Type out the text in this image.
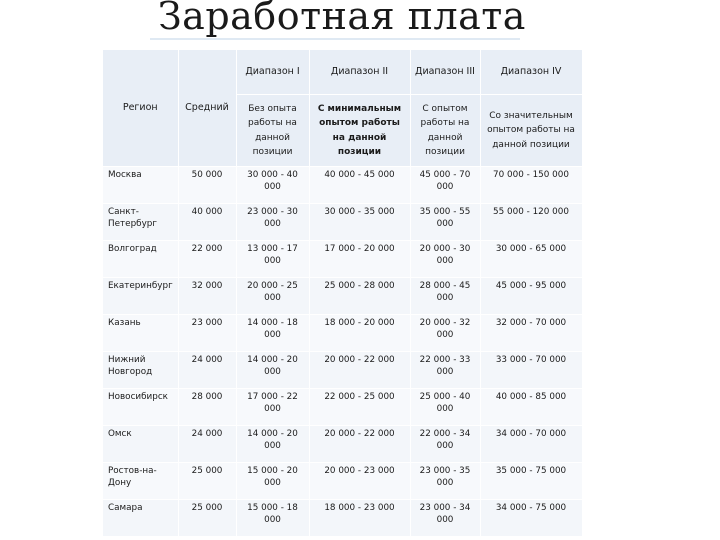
Заработная плата
Регион	Средний	Диапазон I	Диапазон II	Диапазон III	Диапазон IV
		Без опыта работы на данной позиции	С минимальным опытом работы на данной позиции	С опытом работы на данной позиции	Со значительным опытом работы на данной позиции
Москва	50 000	30 000 - 40 000	40 000 - 45 000	45 000 - 70 000	70 000 - 150 000
Санкт-Петербург	40 000	23 000 - 30 000	30 000 - 35 000	35 000 - 55 000	55 000 - 120 000
Волгоград	22 000	13 000 - 17 000	17 000 - 20 000	20 000 - 30 000	30 000 - 65 000
Екатеринбург	32 000	20 000 - 25 000	25 000 - 28 000	28 000 - 45 000	45 000 - 95 000
Казань	23 000	14 000 - 18 000	18 000 - 20 000	20 000 - 32 000	32 000 - 70 000
Нижний Новгород	24 000	14 000 - 20 000	20 000 - 22 000	22 000 - 33 000	33 000 - 70 000
Новосибирск	28 000	17 000 - 22 000	22 000 - 25 000	25 000 - 40 000	40 000 - 85 000
Омск	24 000	14 000 - 20 000	20 000 - 22 000	22 000 - 34 000	34 000 - 70 000
Ростов-на-Дону	25 000	15 000 - 20 000	20 000 - 23 000	23 000 - 35 000	35 000 - 75 000
Самара	25 000	15 000 - 18 000	18 000 - 23 000	23 000 - 34 000	34 000 - 75 000
